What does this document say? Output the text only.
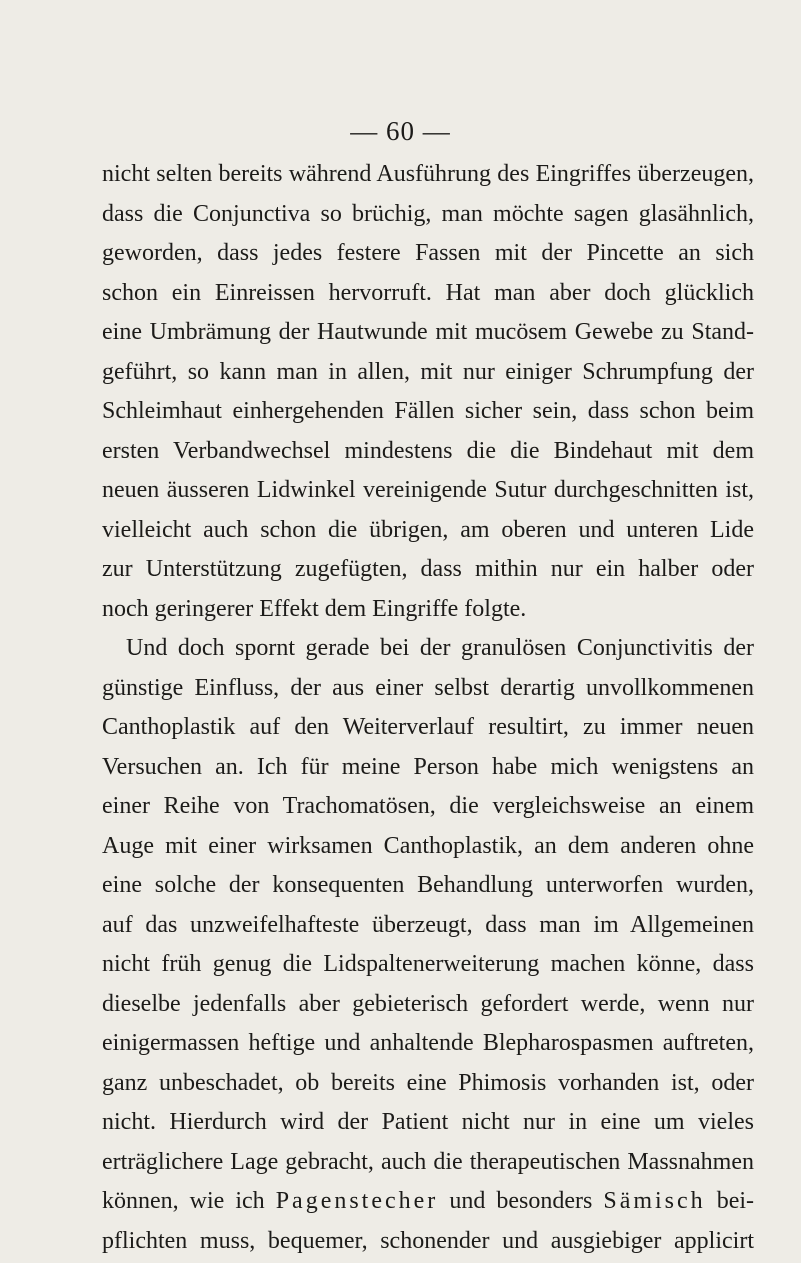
— 60 —
nicht selten bereits während Ausführung des Eingriffes überzeugen,
dass die Conjunctiva so brüchig, man möchte sagen glasähnlich,
geworden, dass jedes festere Fassen mit der Pincette an sich
schon ein Einreissen hervorruft. Hat man aber doch glücklich
eine Umbrämung der Hautwunde mit mucösem Gewebe zu Stand-
geführt, so kann man in allen, mit nur einiger Schrumpfung der
Schleimhaut einhergehenden Fällen sicher sein, dass schon beim
ersten Verbandwechsel mindestens die die Bindehaut mit dem
neuen äusseren Lidwinkel vereinigende Sutur durchgeschnitten ist,
vielleicht auch schon die übrigen, am oberen und unteren Lide
zur Unterstützung zugefügten, dass mithin nur ein halber oder
noch geringerer Effekt dem Eingriffe folgte.
Und doch spornt gerade bei der granulösen Conjunctivitis der
günstige Einfluss, der aus einer selbst derartig unvollkommenen
Canthoplastik auf den Weiterverlauf resultirt, zu immer neuen
Versuchen an. Ich für meine Person habe mich wenigstens an
einer Reihe von Trachomatösen, die vergleichsweise an einem
Auge mit einer wirksamen Canthoplastik, an dem anderen ohne
eine solche der konsequenten Behandlung unterworfen wurden,
auf das unzweifelhafteste überzeugt, dass man im Allgemeinen
nicht früh genug die Lidspaltenerweiterung machen könne, dass
dieselbe jedenfalls aber gebieterisch gefordert werde, wenn nur
einigermassen heftige und anhaltende Blepharospasmen auftreten,
ganz unbeschadet, ob bereits eine Phimosis vorhanden ist, oder
nicht. Hierdurch wird der Patient nicht nur in eine um vieles
erträglichere Lage gebracht, auch die therapeutischen Massnahmen
können, wie ich Pagenstecher und besonders Sämisch bei-
pflichten muss, bequemer, schonender und ausgiebiger applicirt
